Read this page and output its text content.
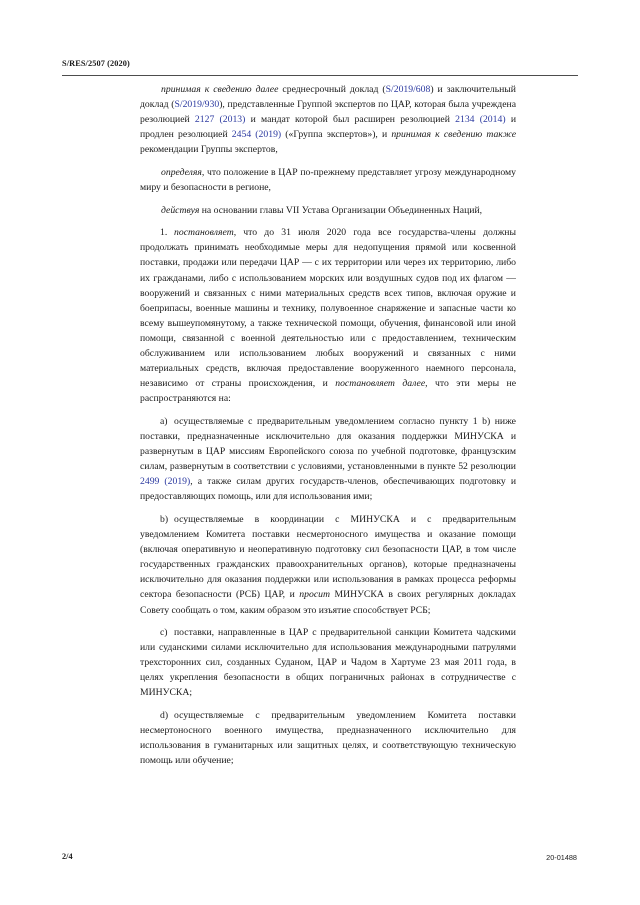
S/RES/2507 (2020)

принимая к сведению далее среднесрочный доклад (S/2019/608) и заключительный доклад (S/2019/930), представленные Группой экспертов по ЦАР, которая была учреждена резолюцией 2127 (2013) и мандат которой был расширен резолюцией 2134 (2014) и продлен резолюцией 2454 (2019) («Группа экспертов»), и принимая к сведению также рекомендации Группы экспертов,

определяя, что положение в ЦАР по-прежнему представляет угрозу международному миру и безопасности в регионе,

действуя на основании главы VII Устава Организации Объединенных Наций,

1. постановляет, что до 31 июля 2020 года все государства-члены должны продолжать принимать необходимые меры для недопущения прямой или косвенной поставки, продажи или передачи ЦАР — с их территории или через их территорию, либо их гражданами, либо с использованием морских или воздушных судов под их флагом — вооружений и связанных с ними материальных средств всех типов, включая оружие и боеприпасы, военные машины и технику, полувоенное снаряжение и запасные части ко всему вышеупомянутому, а также технической помощи, обучения, финансовой или иной помощи, связанной с военной деятельностью или с предоставлением, техническим обслуживанием или использованием любых вооружений и связанных с ними материальных средств, включая предоставление вооруженного наемного персонала, независимо от страны происхождения, и постановляет далее, что эти меры не распространяются на:

a) осуществляемые с предварительным уведомлением согласно пункту 1 b) ниже поставки, предназначенные исключительно для оказания поддержки МИНУСКА и развернутым в ЦАР миссиям Европейского союза по учебной подготовке, французским силам, развернутым в соответствии с условиями, установленными в пункте 52 резолюции 2499 (2019), а также силам других государств-членов, обеспечивающих подготовку и предоставляющих помощь, или для использования ими;

b) осуществляемые в координации с МИНУСКА и с предварительным уведомлением Комитета поставки несмертоносного имущества и оказание помощи (включая оперативную и неоперативную подготовку сил безопасности ЦАР, в том числе государственных гражданских правоохранительных органов), которые предназначены исключительно для оказания поддержки или использования в рамках процесса реформы сектора безопасности (РСБ) ЦАР, и просит МИНУСКА в своих регулярных докладах Совету сообщать о том, каким образом это изъятие способствует РСБ;

c) поставки, направленные в ЦАР с предварительной санкции Комитета чадскими или суданскими силами исключительно для использования международными патрулями трехсторонних сил, созданных Суданом, ЦАР и Чадом в Хартуме 23 мая 2011 года, в целях укрепления безопасности в общих пограничных районах в сотрудничестве с МИНУСКА;

d) осуществляемые с предварительным уведомлением Комитета поставки несмертоносного военного имущества, предназначенного исключительно для использования в гуманитарных или защитных целях, и соответствующую техническую помощь или обучение;

2/4	20-01488
